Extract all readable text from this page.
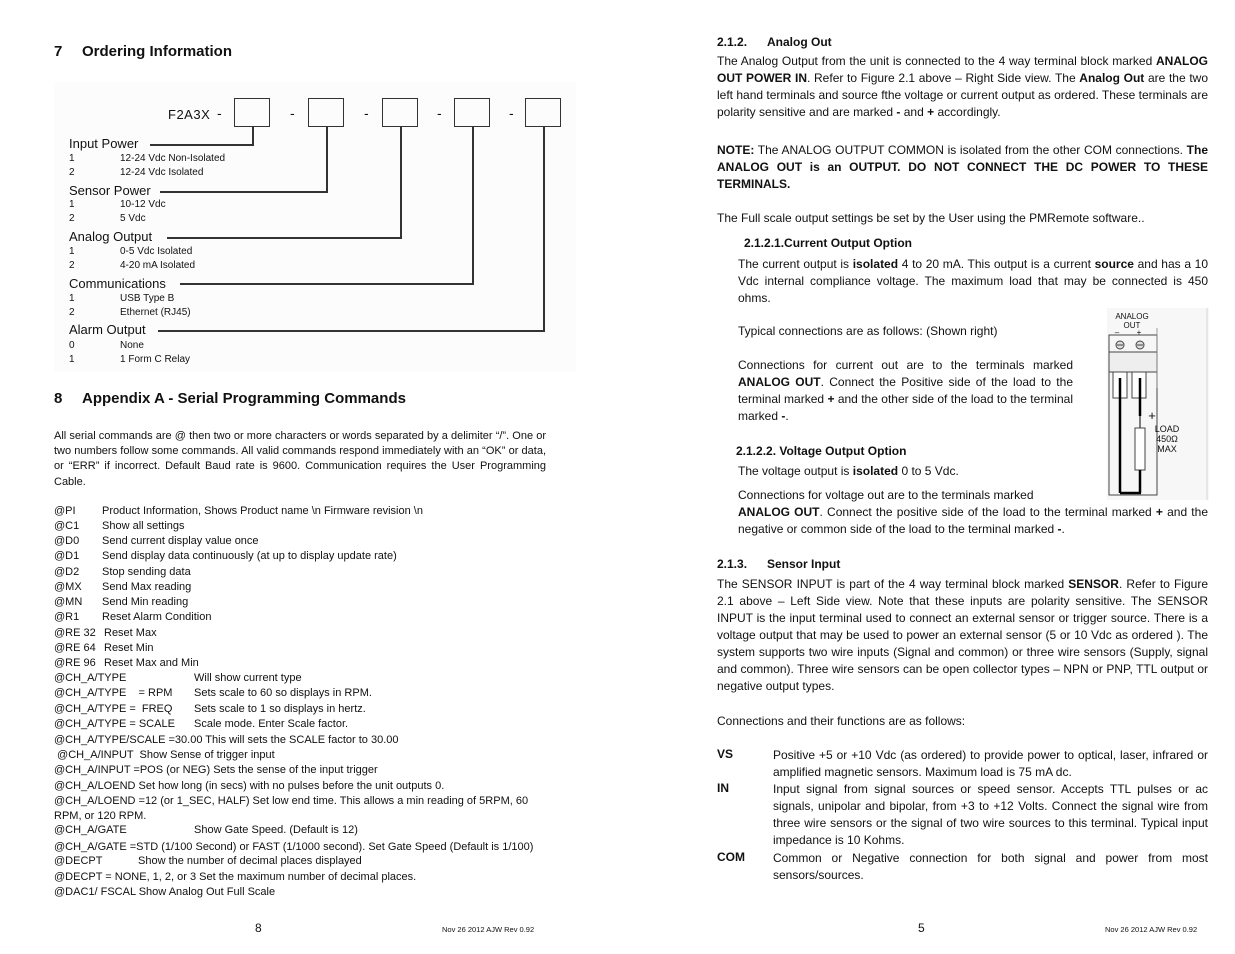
7 Ordering Information
F2A3X -	-	-	-	-
Input Power
1	12-24 Vdc Non-Isolated
2	12-24 Vdc Isolated
Sensor Power
1	10-12 Vdc
2	5 Vdc
Analog Output
1	0-5 Vdc Isolated
2	4-20 mA Isolated
Communications
1	USB Type B
2	Ethernet (RJ45)
Alarm Output
0	None
1	1 Form C Relay
8 Appendix A - Serial Programming Commands
All serial commands are @ then two or more characters or words separated by a delimiter “/”. One or two numbers follow some commands. All valid commands respond immediately with an “OK” or data, or “ERR” if incorrect. Default Baud rate is 9600. Communication requires the User Programming Cable.
@PI Product Information, Shows Product name \n Firmware revision \n
@C1 Show all settings
@D0 Send current display value once
@D1 Send display data continuously (at up to display update rate)
@D2 Stop sending data
@MX Send Max reading
@MN Send Min reading
@R1 Reset Alarm Condition
@RE 32 Reset Max
@RE 64 Reset Min
@RE 96 Reset Max and Min
@CH_A/TYPE	Will show current type
@CH_A/TYPE    = RPM Sets scale to 60 so displays in RPM.
@CH_A/TYPE =  FREQ Sets scale to 1 so displays in hertz.
@CH_A/TYPE = SCALE Scale mode. Enter Scale factor.
@CH_A/TYPE/SCALE =30.00 This will sets the SCALE factor to 30.00
@CH_A/INPUT  Show Sense of trigger input
@CH_A/INPUT =POS (or NEG) Sets the sense of the input trigger
@CH_A/LOEND Set how long (in secs) with no pulses before the unit outputs 0.
@CH_A/LOEND =12 (or 1_SEC, HALF) Set low end time. This allows a min reading of 5RPM, 60 RPM, or 120 RPM.
@CH_A/GATE	Show Gate Speed. (Default is 12)
@CH_A/GATE =STD (1/100 Second) or FAST (1/1000 second). Set Gate Speed (Default is 1/100)
@DECPT	Show the number of decimal places displayed
@DECPT = NONE, 1, 2, or 3 Set the maximum number of decimal places.
@DAC1/ FSCAL Show Analog Out Full Scale
8	Nov 26 2012 AJW Rev 0.92
2.1.2. Analog Out
The Analog Output from the unit is connected to the 4 way terminal block marked ANALOG OUT POWER IN. Refer to Figure 2.1 above – Right Side view. The Analog Out are the two left hand terminals and source fthe voltage or current output as ordered. These terminals are polarity sensitive and are marked - and + accordingly.
NOTE: The ANALOG OUTPUT COMMON is isolated from the other COM connections. The ANALOG OUT is an OUTPUT. DO NOT CONNECT THE DC POWER TO THESE TERMINALS.
The Full scale output settings be set by the User using the PMRemote software..
2.1.2.1.Current Output Option
The current output is isolated 4 to 20 mA. This output is a current source and has a 10 Vdc internal compliance voltage. The maximum load that may be connected is 450 ohms.
Typical connections are as follows: (Shown right)
Connections for current out are to the terminals marked ANALOG OUT. Connect the Positive side of the load to the terminal marked + and the other side of the load to the terminal marked -.
2.1.2.2. Voltage Output Option
The voltage output is isolated 0 to 5 Vdc.
Connections for voltage out are to the terminals marked
ANALOG OUT. Connect the positive side of the load to the terminal marked + and the negative or common side of the load to the terminal marked -.
ANALOG
OUT
–	+
+
LOAD
450Ω
MAX
2.1.3. Sensor Input
The SENSOR INPUT is part of the 4 way terminal block marked SENSOR. Refer to Figure 2.1 above – Left Side view. Note that these inputs are polarity sensitive. The SENSOR INPUT is the input terminal used to connect an external sensor or trigger source. There is a voltage output that may be used to power an external sensor (5 or 10 Vdc as ordered ). The system supports two wire inputs (Signal and common) or three wire sensors (Supply, signal and common). Three wire sensors can be open collector types – NPN or PNP, TTL output or negative output types.
Connections and their functions are as follows:
VS	Positive +5 or +10 Vdc (as ordered) to provide power to optical, laser, infrared or amplified magnetic sensors. Maximum load is 75 mA dc.
IN	Input signal from signal sources or speed sensor. Accepts TTL pulses or ac signals, unipolar and bipolar, from +3 to +12 Volts. Connect the signal wire from three wire sensors or the signal of two wire sources to this terminal. Typical input impedance is 10 Kohms.
COM Common or Negative connection for both signal and power from most sensors/sources.
5	Nov 26 2012 AJW Rev 0.92
